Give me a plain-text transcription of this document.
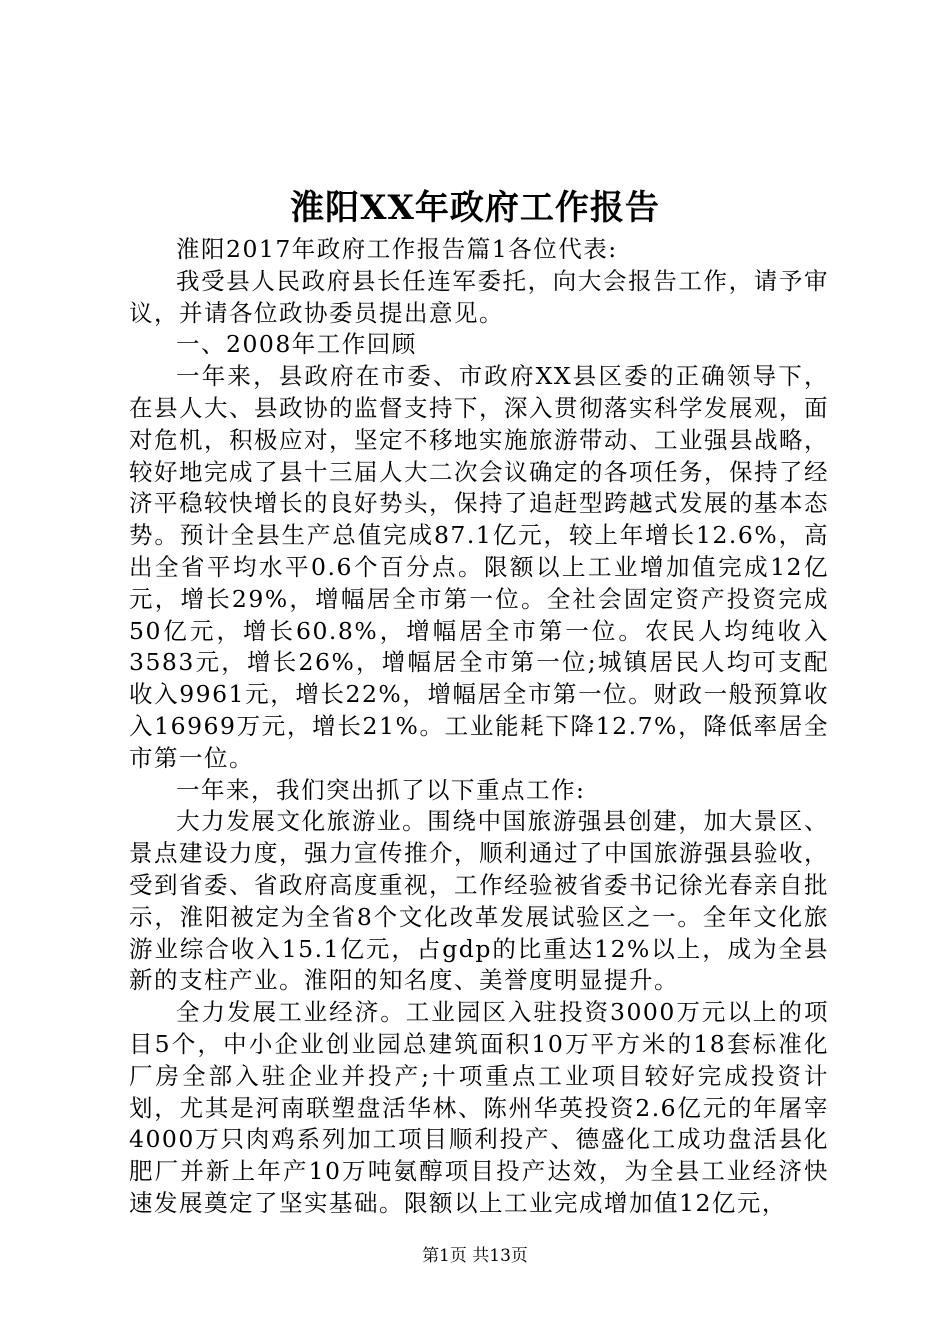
淮阳XX年政府工作报告

淮阳2017年政府工作报告篇1各位代表:

我受县人民政府县长任连军委托，向大会报告工作，请予审议，并请各位政协委员提出意见。

一、2008年工作回顾

一年来，县政府在市委、市政府XX县区委的正确领导下，在县人大、县政协的监督支持下，深入贯彻落实科学发展观，面对危机，积极应对，坚定不移地实施旅游带动、工业强县战略，较好地完成了县十三届人大二次会议确定的各项任务，保持了经济平稳较快增长的良好势头，保持了追赶型跨越式发展的基本态势。预计全县生产总值完成87.1亿元，较上年增长12.6%，高出全省平均水平0.6个百分点。限额以上工业增加值完成12亿元，增长29%，增幅居全市第一位。全社会固定资产投资完成50亿元，增长60.8%，增幅居全市第一位。农民人均纯收入3583元，增长26%，增幅居全市第一位;城镇居民人均可支配收入9961元，增长22%，增幅居全市第一位。财政一般预算收入16969万元，增长21%。工业能耗下降12.7%，降低率居全市第一位。

一年来，我们突出抓了以下重点工作:

大力发展文化旅游业。围绕中国旅游强县创建，加大景区、景点建设力度，强力宣传推介，顺利通过了中国旅游强县验收，受到省委、省政府高度重视，工作经验被省委书记徐光春亲自批示，淮阳被定为全省8个文化改革发展试验区之一。全年文化旅游业综合收入15.1亿元，占gdp的比重达12%以上，成为全县新的支柱产业。淮阳的知名度、美誉度明显提升。

全力发展工业经济。工业园区入驻投资3000万元以上的项目5个，中小企业创业园总建筑面积10万平方米的18套标准化厂房全部入驻企业并投产;十项重点工业项目较好完成投资计划，尤其是河南联塑盘活华林、陈州华英投资2.6亿元的年屠宰4000万只肉鸡系列加工项目顺利投产、德盛化工成功盘活县化肥厂并新上年产10万吨氨醇项目投产达效，为全县工业经济快速发展奠定了坚实基础。限额以上工业完成增加值12亿元，

第1页 共13页
